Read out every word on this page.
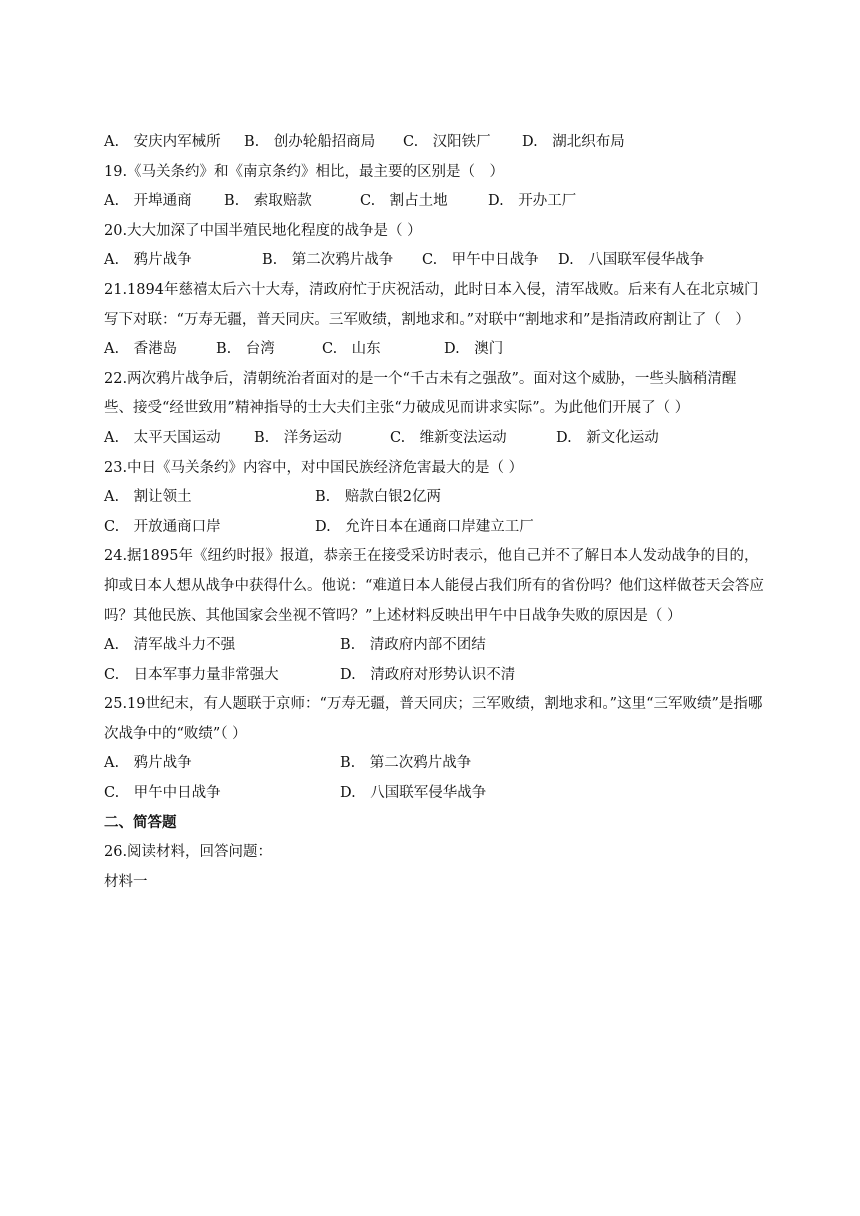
A.　安庆内军械所 B.　创办轮船招商局 C.　汉阳铁厂 D.　湖北织布局
19.《马关条约》和《南京条约》相比，最主要的区别是（　）
A.　开埠通商 B.　索取赔款	C.　割占土地	D.　开办工厂
20.大大加深了中国半殖民地化程度的战争是（ ）
A.　鸦片战争	B.　第二次鸦片战争 C.　甲午中日战争 D.　八国联军侵华战争
21.1894年慈禧太后六十大寿，清政府忙于庆祝活动，此时日本入侵，清军战败。后来有人在北京城门写下对联：“万寿无疆，普天同庆。三军败绩，割地求和。”对联中“割地求和”是指清政府割让了（　）
A.　香港岛	B.　台湾	C.　山东	D.　澳门
22.两次鸦片战争后，清朝统治者面对的是一个“千古未有之强敌”。面对这个威胁，一些头脑稍清醒些、接受“经世致用”精神指导的士大夫们主张“力破成见而讲求实际”。为此他们开展了（ ）
A.　太平天国运动 B.　洋务运动	C.　维新变法运动	D.　新文化运动
23.中日《马关条约》内容中，对中国民族经济危害最大的是（ ）
A.　割让领土	B.　赔款白银2亿两
C.　开放通商口岸	D.　允许日本在通商口岸建立工厂
24.据1895年《纽约时报》报道，恭亲王在接受采访时表示，他自己并不了解日本人发动战争的目的，抑或日本人想从战争中获得什么。他说：“难道日本人能侵占我们所有的省份吗？他们这样做苍天会答应吗？其他民族、其他国家会坐视不管吗？”上述材料反映出甲午中日战争失败的原因是（ ）
A.　清军战斗力不强	B.　清政府内部不团结
C.　日本军事力量非常强大	D.　清政府对形势认识不清
25.19世纪末，有人题联于京师：“万寿无疆，普天同庆；三军败绩，割地求和。”这里“三军败绩”是指哪次战争中的“败绩”（ ）
A.　鸦片战争	B.　第二次鸦片战争
C.　甲午中日战争	D.　八国联军侵华战争
二、简答题
26.阅读材料，回答问题：
材料一
